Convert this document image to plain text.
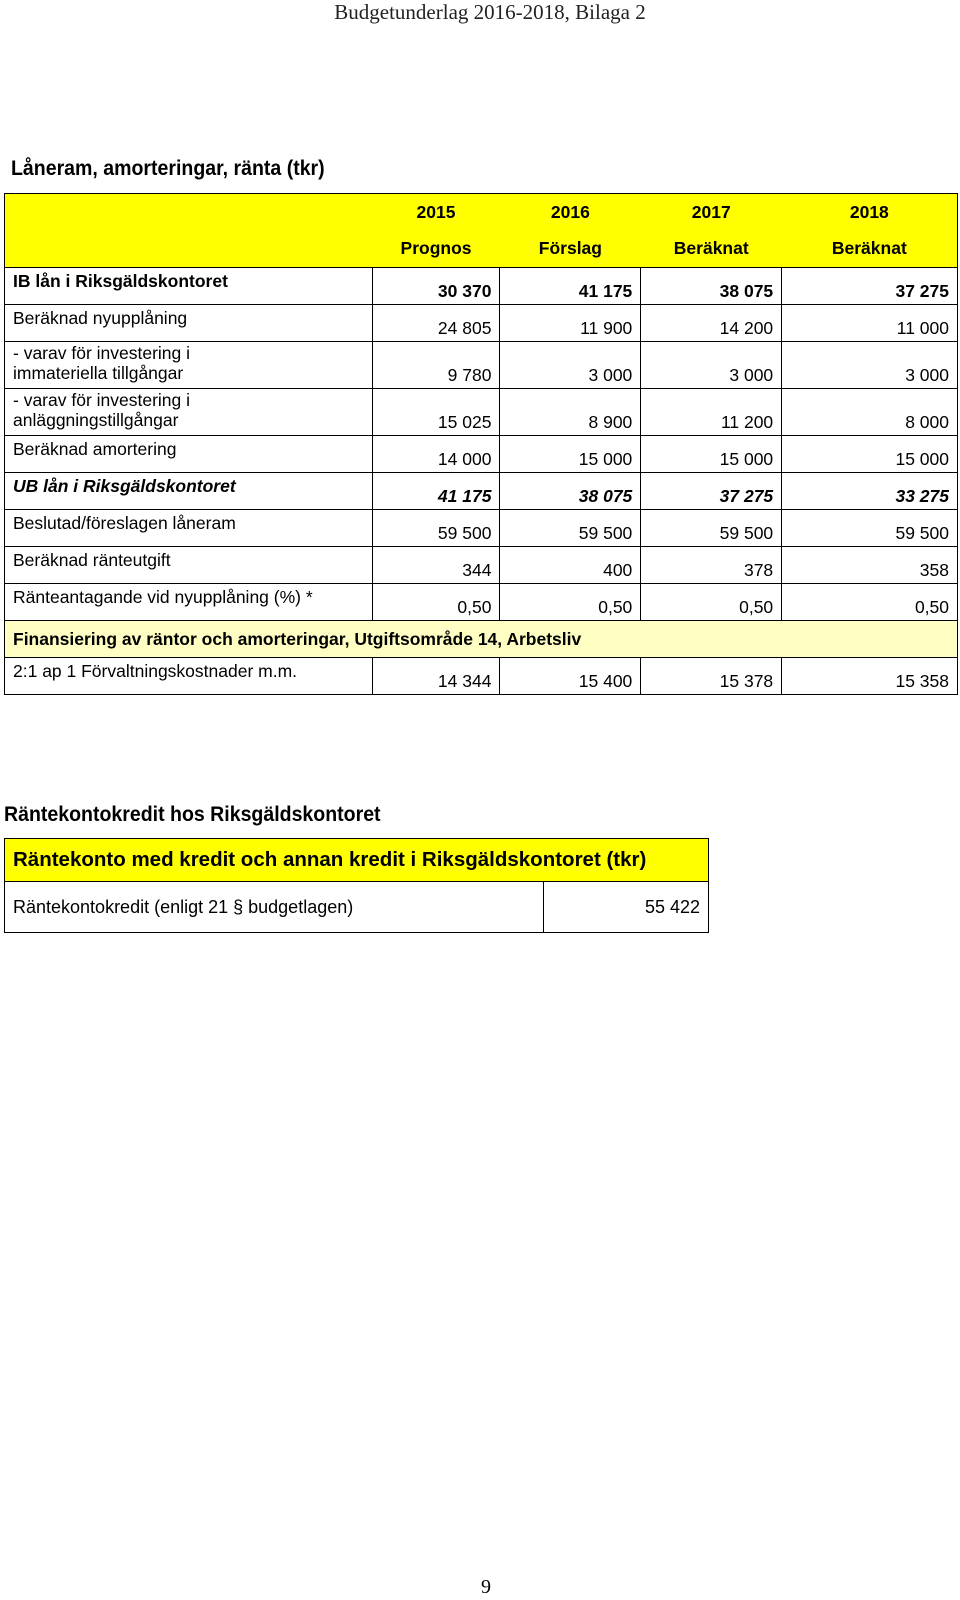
Budgetunderlag 2016-2018, Bilaga 2
Låneram, amorteringar, ränta (tkr)
	2015	2016	2017	2018
	Prognos	Förslag	Beräknat	Beräknat
IB lån i Riksgäldskontoret	30 370	41 175	38 075	37 275
Beräknad nyupplåning	24 805	11 900	14 200	11 000
- varav för investering i
immateriella tillgångar	9 780	3 000	3 000	3 000
- varav för investering i
anläggningstillgångar	15 025	8 900	11 200	8 000
Beräknad amortering	14 000	15 000	15 000	15 000
UB lån i Riksgäldskontoret	41 175	38 075	37 275	33 275
Beslutad/föreslagen låneram	59 500	59 500	59 500	59 500
Beräknad ränteutgift	344	400	378	358
Ränteantagande vid nyupplåning (%) *	0,50	0,50	0,50	0,50
Finansiering av räntor och amorteringar, Utgiftsområde 14, Arbetsliv				
2:1 ap 1 Förvaltningskostnader m.m.	14 344	15 400	15 378	15 358
Räntekontokredit hos Riksgäldskontoret
Räntekonto med kredit och annan kredit i Riksgäldskontoret (tkr)
Räntekontokredit (enligt 21 § budgetlagen)	55 422
9
